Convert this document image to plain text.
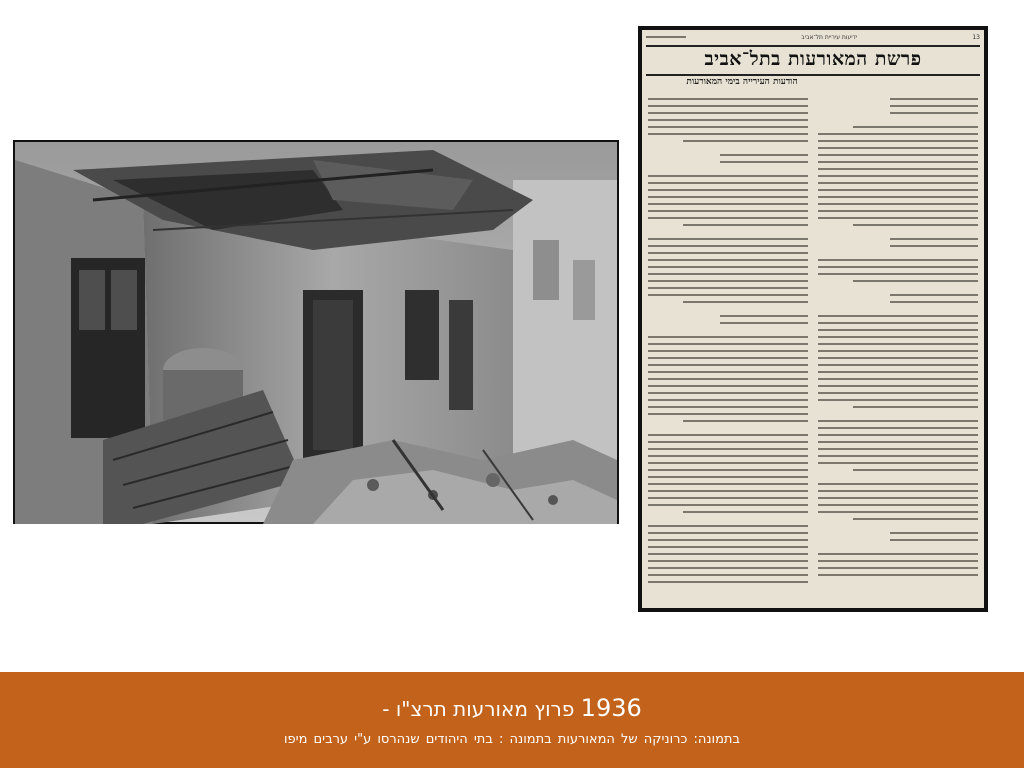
13
ידיעות עיריית תל־אביב
פרשת המאורעות בתל־אביב
הודעות העירייה בימי המאורעות
1936 פרוץ מאורעות תרצ"ו -
בתמונה: כרוניקה של המאורעות בתמונה : בתי היהודים שנהרסו ע"י ערבים מיפו
